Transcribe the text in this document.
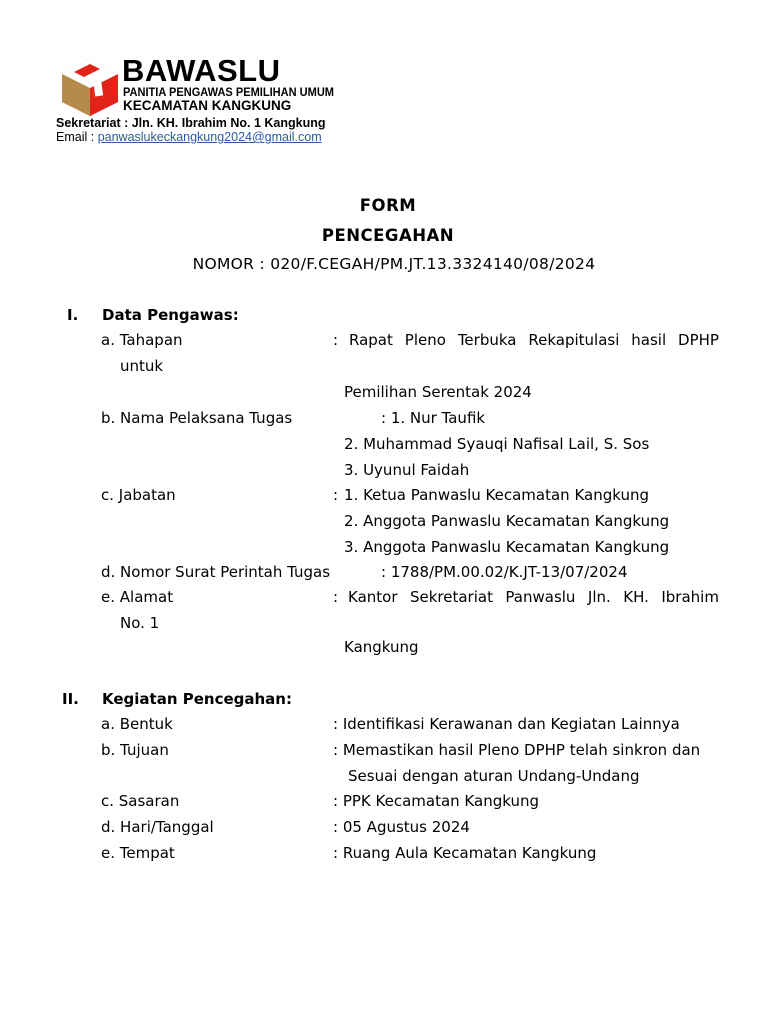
BAWASLU
PANITIA PENGAWAS PEMILIHAN UMUM
KECAMATAN KANGKUNG
Sekretariat : Jln. KH. Ibrahim No. 1 Kangkung
Email : panwaslukeckangkung2024@gmail.com
FORM
PENCEGAHAN
NOMOR : 020/F.CEGAH/PM.JT.13.3324140/08/2024
I. Data Pengawas:
a. Tahapan	: Rapat Pleno Terbuka Rekapitulasi hasil DPHP
untuk
Pemilihan Serentak 2024
b. Nama Pelaksana Tugas	: 1. Nur Taufik
2. Muhammad Syauqi Nafisal Lail, S. Sos
3. Uyunul Faidah
c. Jabatan	: 1. Ketua Panwaslu Kecamatan Kangkung
2. Anggota Panwaslu Kecamatan Kangkung
3. Anggota Panwaslu Kecamatan Kangkung
d. Nomor Surat Perintah Tugas	: 1788/PM.00.02/K.JT-13/07/2024
e. Alamat	: Kantor Sekretariat Panwaslu Jln. KH. Ibrahim
No. 1
Kangkung
II. Kegiatan Pencegahan:
a. Bentuk	: Identifikasi Kerawanan dan Kegiatan Lainnya
b. Tujuan	: Memastikan hasil Pleno DPHP telah sinkron dan
Sesuai dengan aturan Undang-Undang
c. Sasaran	: PPK Kecamatan Kangkung
d. Hari/Tanggal	: 05 Agustus 2024
e. Tempat	: Ruang Aula Kecamatan Kangkung
